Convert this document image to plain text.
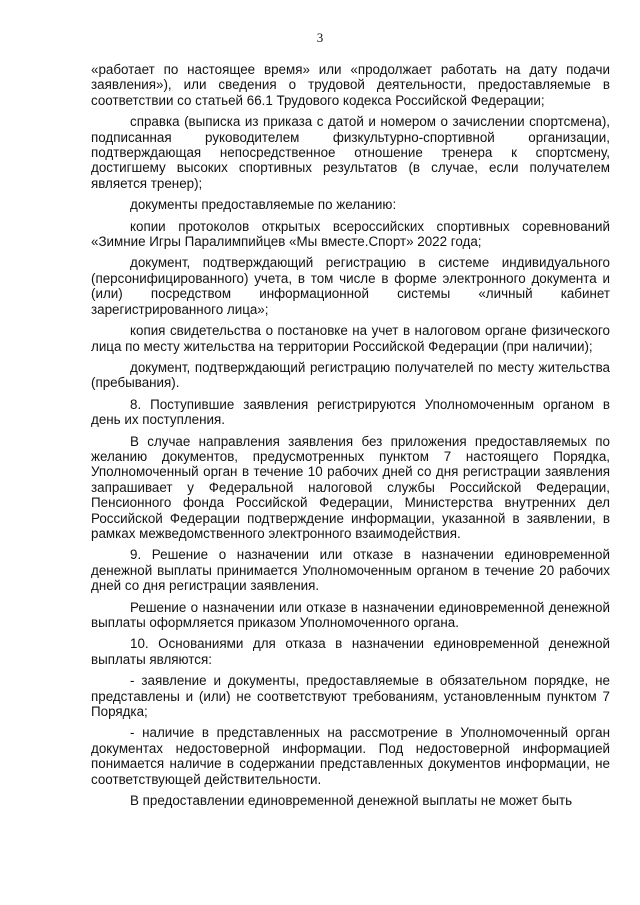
3

«работает по настоящее время» или «продолжает работать на дату подачи заявления»), или сведения о трудовой деятельности, предоставляемые в соответствии со статьей 66.1 Трудового кодекса Российской Федерации;

справка (выписка из приказа с датой и номером о зачислении спортсмена), подписанная руководителем физкультурно-спортивной организации, подтверждающая непосредственное отношение тренера к спортсмену, достигшему высоких спортивных результатов (в случае, если получателем является тренер);

документы предоставляемые по желанию:

копии протоколов открытых всероссийских спортивных соревнований «Зимние Игры Паралимпийцев «Мы вместе.Спорт» 2022 года;

документ, подтверждающий регистрацию в системе индивидуального (персонифицированного) учета, в том числе в форме электронного документа и (или) посредством информационной системы «личный кабинет зарегистрированного лица»;

копия свидетельства о постановке на учет в налоговом органе физического лица по месту жительства на территории Российской Федерации (при наличии);

документ, подтверждающий регистрацию получателей по месту жительства (пребывания).

8. Поступившие заявления регистрируются Уполномоченным органом в день их поступления.

В случае направления заявления без приложения предоставляемых по желанию документов, предусмотренных пунктом 7 настоящего Порядка, Уполномоченный орган в течение 10 рабочих дней со дня регистрации заявления запрашивает у Федеральной налоговой службы Российской Федерации, Пенсионного фонда Российской Федерации, Министерства внутренних дел Российской Федерации подтверждение информации, указанной в заявлении, в рамках межведомственного электронного взаимодействия.

9. Решение о назначении или отказе в назначении единовременной денежной выплаты принимается Уполномоченным органом в течение 20 рабочих дней со дня регистрации заявления.

Решение о назначении или отказе в назначении единовременной денежной выплаты оформляется приказом Уполномоченного органа.

10. Основаниями для отказа в назначении единовременной денежной выплаты являются:

- заявление и документы, предоставляемые в обязательном порядке, не представлены и (или) не соответствуют требованиям, установленным пунктом 7 Порядка;

- наличие в представленных на рассмотрение в Уполномоченный орган документах недостоверной информации. Под недостоверной информацией понимается наличие в содержании представленных документов информации, не соответствующей действительности.

В предоставлении единовременной денежной выплаты не может быть
